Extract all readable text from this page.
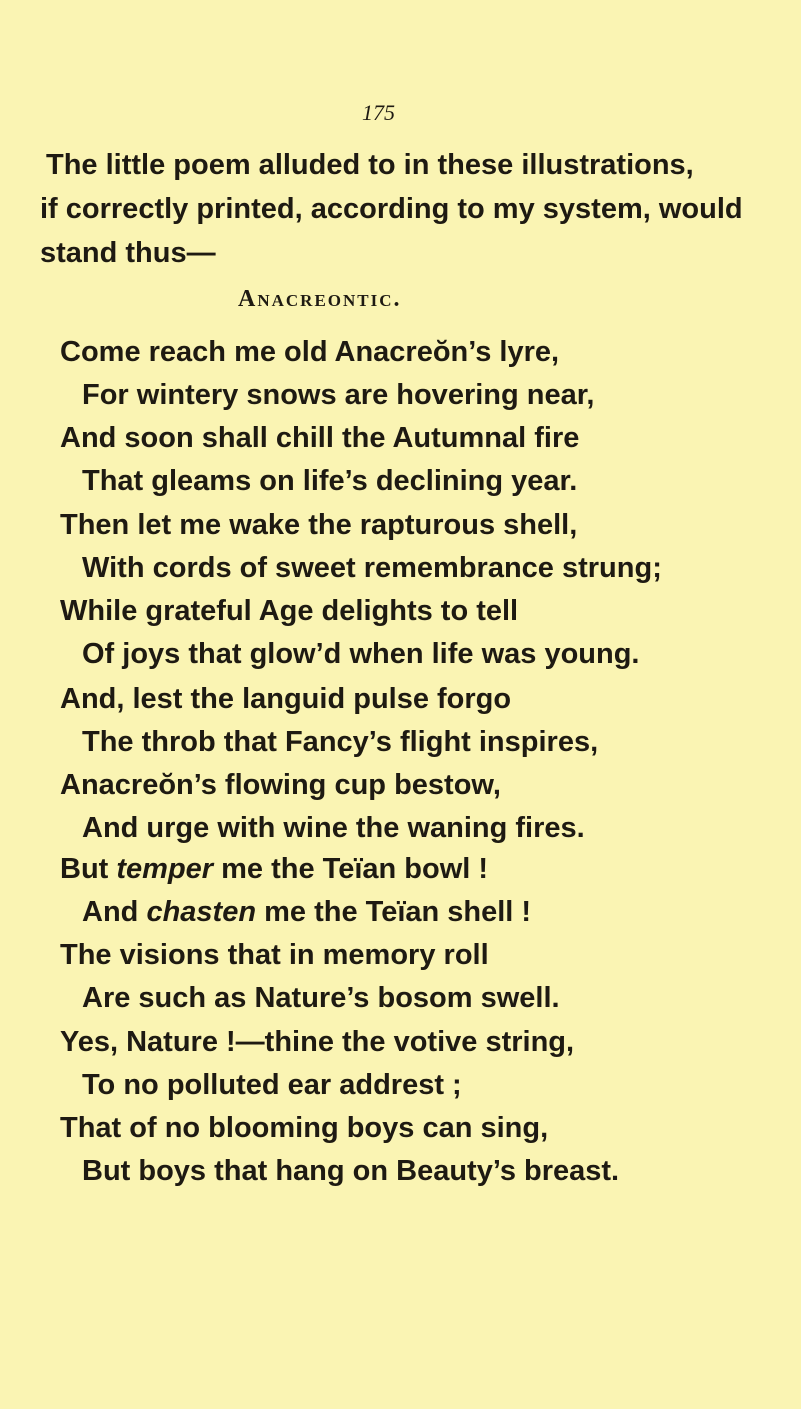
175
The little poem alluded to in these illustrations,
if correctly printed, according to my system, would
stand thus—
Anacreontic.
Come reach me old Anacreŏn’s lyre,
For wintery snows are hovering near,
And soon shall chill the Autumnal fire
That gleams on life’s declining year.
Then let me wake the rapturous shell,
With cords of sweet remembrance strung;
While grateful Age delights to tell
Of joys that glow’d when life was young.
And, lest the languid pulse forgo
The throb that Fancy’s flight inspires,
Anacreŏn’s flowing cup bestow,
And urge with wine the waning fires.
But temper me the Teïan bowl !
And chasten me the Teïan shell !
The visions that in memory roll
Are such as Nature’s bosom swell.
Yes, Nature !—thine the votive string,
To no polluted ear addrest ;
That of no blooming boys can sing,
But boys that hang on Beauty’s breast.
